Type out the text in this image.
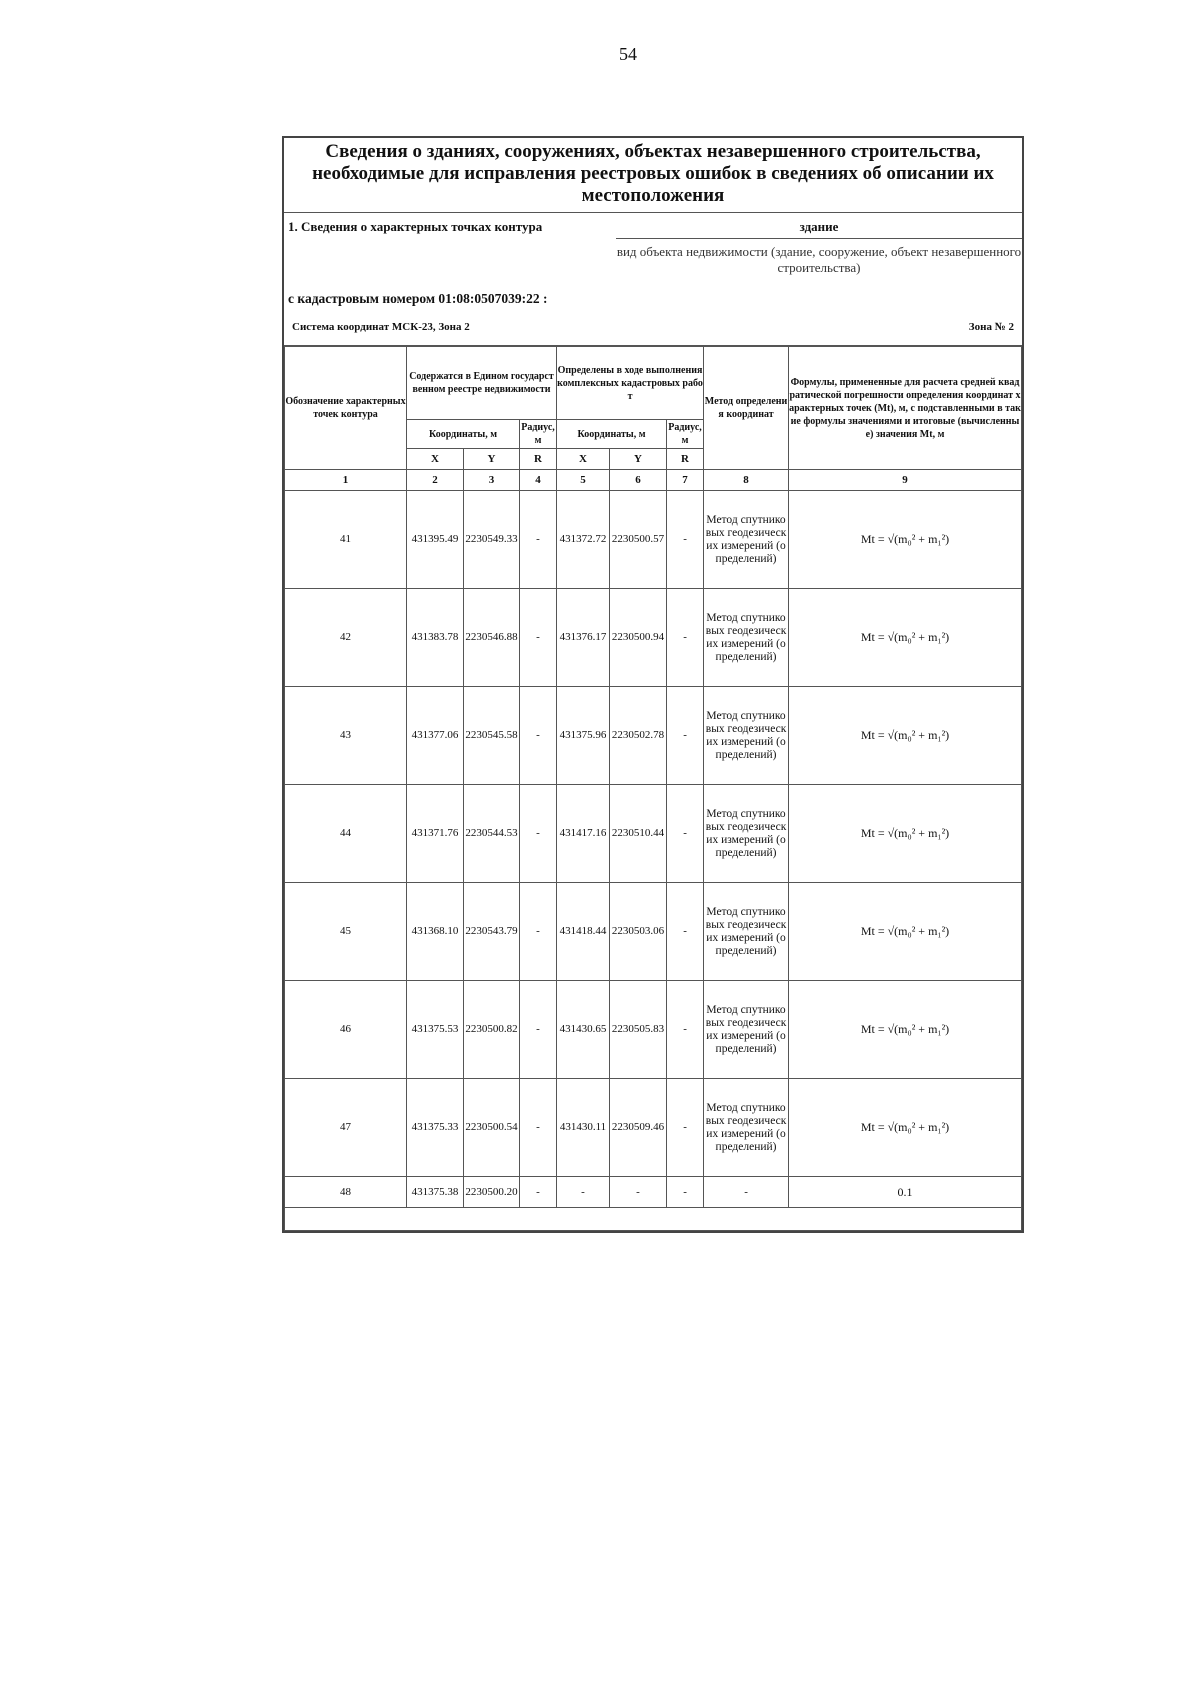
54
Сведения о зданиях, сооружениях, объектах незавершенного строительства, необходимые для исправления реестровых ошибок в сведениях об описании их местоположения
1. Сведения о характерных точках контура	здание
вид объекта недвижимости (здание, сооружение, объект незавершенного строительства)
с кадастровым номером 01:08:0507039:22 :
Система координат МСК-23, Зона 2	Зона № 2
Обозначение характерных точек контура	Содержатся в Едином государственном реестре недвижимости			Определены в ходе выполнения комплексных кадастровых работ			Метод определения координат	Формулы, примененные для расчета средней квадратической погрешности определения координат характерных точек (Mt), м, с подставленными в такие формулы значениями и итоговые (вычисленные) значения Mt, м
	Координаты, м		Радиус, м	Координаты, м		Радиус, м		
	X	Y	R	X	Y	R		
1	2	3	4	5	6	7	8	9
41	431395.49	2230549.33	-	431372.72	2230500.57	-	Метод спутниковых геодезических измерений (определений)	Mt = √(m₀² + m₁²)
42	431383.78	2230546.88	-	431376.17	2230500.94	-	Метод спутниковых геодезических измерений (определений)	Mt = √(m₀² + m₁²)
43	431377.06	2230545.58	-	431375.96	2230502.78	-	Метод спутниковых геодезических измерений (определений)	Mt = √(m₀² + m₁²)
44	431371.76	2230544.53	-	431417.16	2230510.44	-	Метод спутниковых геодезических измерений (определений)	Mt = √(m₀² + m₁²)
45	431368.10	2230543.79	-	431418.44	2230503.06	-	Метод спутниковых геодезических измерений (определений)	Mt = √(m₀² + m₁²)
46	431375.53	2230500.82	-	431430.65	2230505.83	-	Метод спутниковых геодезических измерений (определений)	Mt = √(m₀² + m₁²)
47	431375.33	2230500.54	-	431430.11	2230509.46	-	Метод спутниковых геодезических измерений (определений)	Mt = √(m₀² + m₁²)
48	431375.38	2230500.20	-	-	-	-	-	0.1
